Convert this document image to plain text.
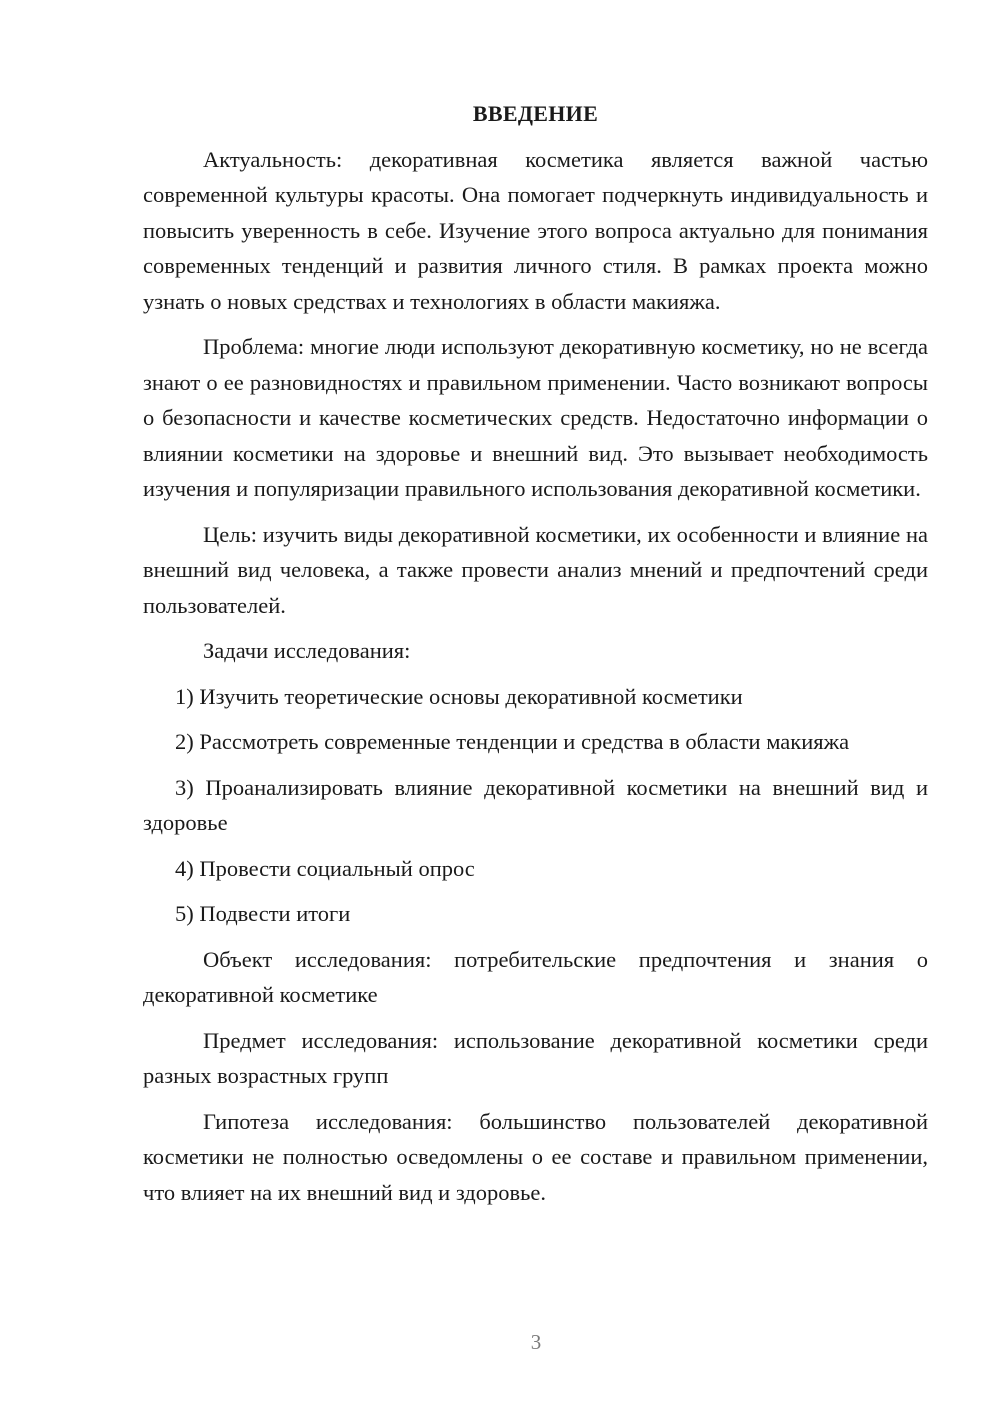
ВВЕДЕНИЕ

Актуальность: декоративная косметика является важной частью современной культуры красоты. Она помогает подчеркнуть индивидуальность и повысить уверенность в себе. Изучение этого вопроса актуально для понимания современных тенденций и развития личного стиля. В рамках проекта можно узнать о новых средствах и технологиях в области макияжа.

Проблема: многие люди используют декоративную косметику, но не всегда знают о ее разновидностях и правильном применении. Часто возникают вопросы о безопасности и качестве косметических средств. Недостаточно информации о влиянии косметики на здоровье и внешний вид. Это вызывает необходимость изучения и популяризации правильного использования декоративной косметики.

Цель: изучить виды декоративной косметики, их особенности и влияние на внешний вид человека, а также провести анализ мнений и предпочтений среди пользователей.

Задачи исследования:

1) Изучить теоретические основы декоративной косметики

2) Рассмотреть современные тенденции и средства в области макияжа

3) Проанализировать влияние декоративной косметики на внешний вид и здоровье

4) Провести социальный опрос

5) Подвести итоги

Объект исследования: потребительские предпочтения и знания о декоративной косметике

Предмет исследования: использование декоративной косметики среди разных возрастных групп

Гипотеза исследования: большинство пользователей декоративной косметики не полностью осведомлены о ее составе и правильном применении, что влияет на их внешний вид и здоровье.

3
